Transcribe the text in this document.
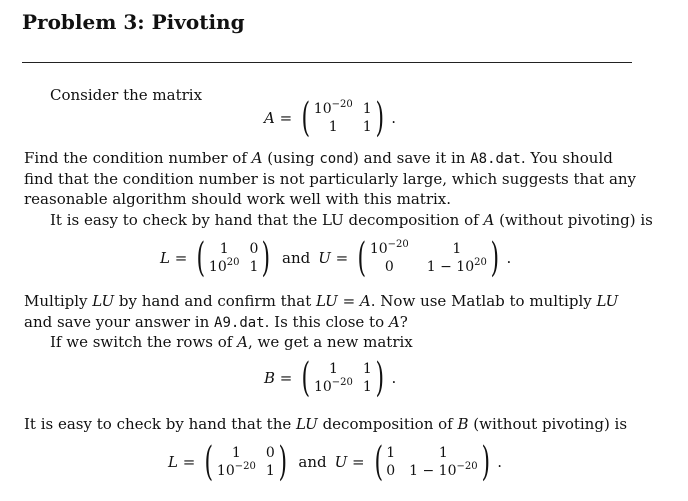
Problem 3: Pivoting
Consider the matrix
A = ( $10^{-20}$ 1
1	1 ) .
Find the condition number of A (using cond) and save it in A8.dat. You should
find that the condition number is not particularly large, which suggests that any
reasonable algorithm should work well with this matrix.
It is easy to check by hand that the LU decomposition of A (without pivoting) is
L = (	1	0
$10^{20}$ 1 ) and U = ( $10^{-20}$	1
0	$1 - 10^{20}$ ) .
Multiply LU by hand and confirm that LU = A. Now use Matlab to multiply LU
and save your answer in A9.dat. Is this close to A?
If we switch the rows of A, we get a new matrix
B = (	1	1
$10^{-20}$ 1 ) .
It is easy to check by hand that the LU decomposition of B (without pivoting) is
L = (	1	0
$10^{-20}$ 1 ) and U = ( 1	1
0 $1 - 10^{-20}$ ) .
